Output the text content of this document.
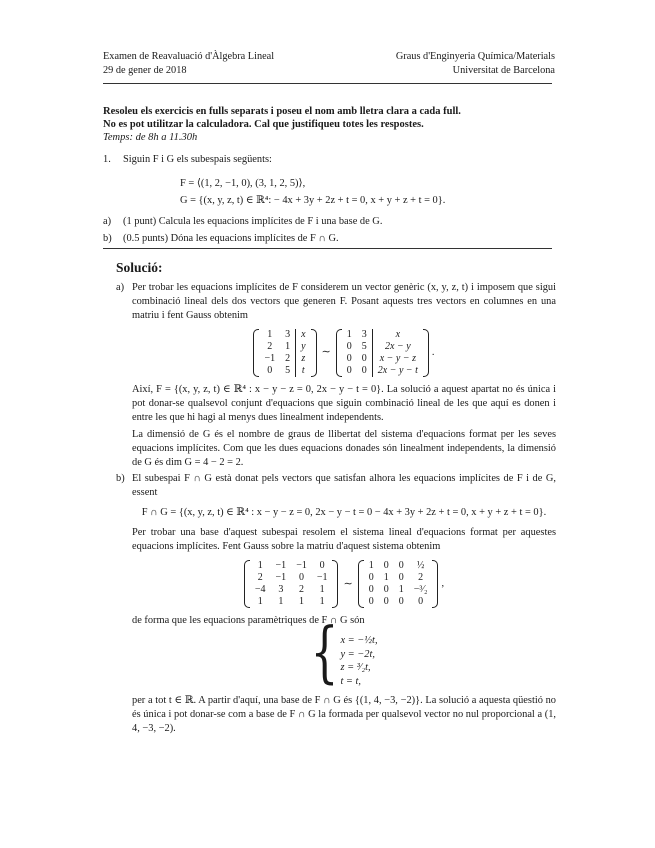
Examen de Reavaluació d'Àlgebra Lineal
29 de gener de 2018
Graus d'Enginyeria Química/Materials
Universitat de Barcelona
Resoleu els exercicis en fulls separats i poseu el nom amb lletra clara a cada full.
No es pot utilitzar la calculadora. Cal que justifiqueu totes les respostes.
Temps: de 8h a 11.30h
1. Siguin F i G els subespais següents:
F = ⟨(1, 2, −1, 0), (3, 1, 2, 5)⟩,
G = {(x, y, z, t) ∈ ℝ⁴: − 4x + 3y + 2z + t = 0, x + y + z + t = 0}.
a) (1 punt) Calcula les equacions implícites de F i una base de G.
b) (0.5 punts) Dóna les equacions implícites de F ∩ G.
Solució:
a) Per trobar les equacions implícites de F considerem un vector genèric (x, y, z, t) i imposem que sigui combinació lineal dels dos vectors que generen F. Posant aquests tres vectors en columnes en una matriu i fent Gauss obtenim

1	3		x
2	1		y
−1	2		z
0	5		t
∼
1	3		x
0	5		2x − y
0	0		x − y − z
0	0		2x − y − t
.

Així, F = {(x, y, z, t) ∈ ℝ⁴ : x − y − z = 0, 2x − y − t = 0}. La solució a aquest apartat no és única i pot donar-se qualsevol conjunt d'equacions que siguin combinació lineal de les que aquí es donen i entre les que hi hagi al menys dues linealment independents.

La dimensió de G és el nombre de graus de llibertat del sistema d'equacions format per les seves equacions implícites. Com que les dues equacions donades són linealment independents, la dimensió de G és dim G = 4 − 2 = 2.

b) El subespai F ∩ G està donat pels vectors que satisfan alhora les equacions implícites de F i de G, essent

F ∩ G = {(x, y, z, t) ∈ ℝ⁴ : x − y − z = 0, 2x − y − t = 0 − 4x + 3y + 2z + t = 0, x + y + z + t = 0}.

Per trobar una base d'aquest subespai resolem el sistema lineal d'equacions format per aquestes equacions implícites. Fent Gauss sobre la matriu d'aquest sistema obtenim

1	−1	−1	0
2	−1	0	−1
−4	3	2	1
1	1	1	1
∼
1	0	0	½
0	1	0	2
0	0	1	−³⁄₂
0	0	0	0
,

de forma que les equacions paramètriques de F ∩ G són

{ x = −½t,
y = −2t,
z = ³⁄₂t,
t = t,

per a tot t ∈ ℝ. A partir d'aquí, una base de F ∩ G és {(1, 4, −3, −2)}. La solució a aquesta qüestió no és única i pot donar-se com a base de F ∩ G la formada per qualsevol vector no nul proporcional a (1, 4, −3, −2).
